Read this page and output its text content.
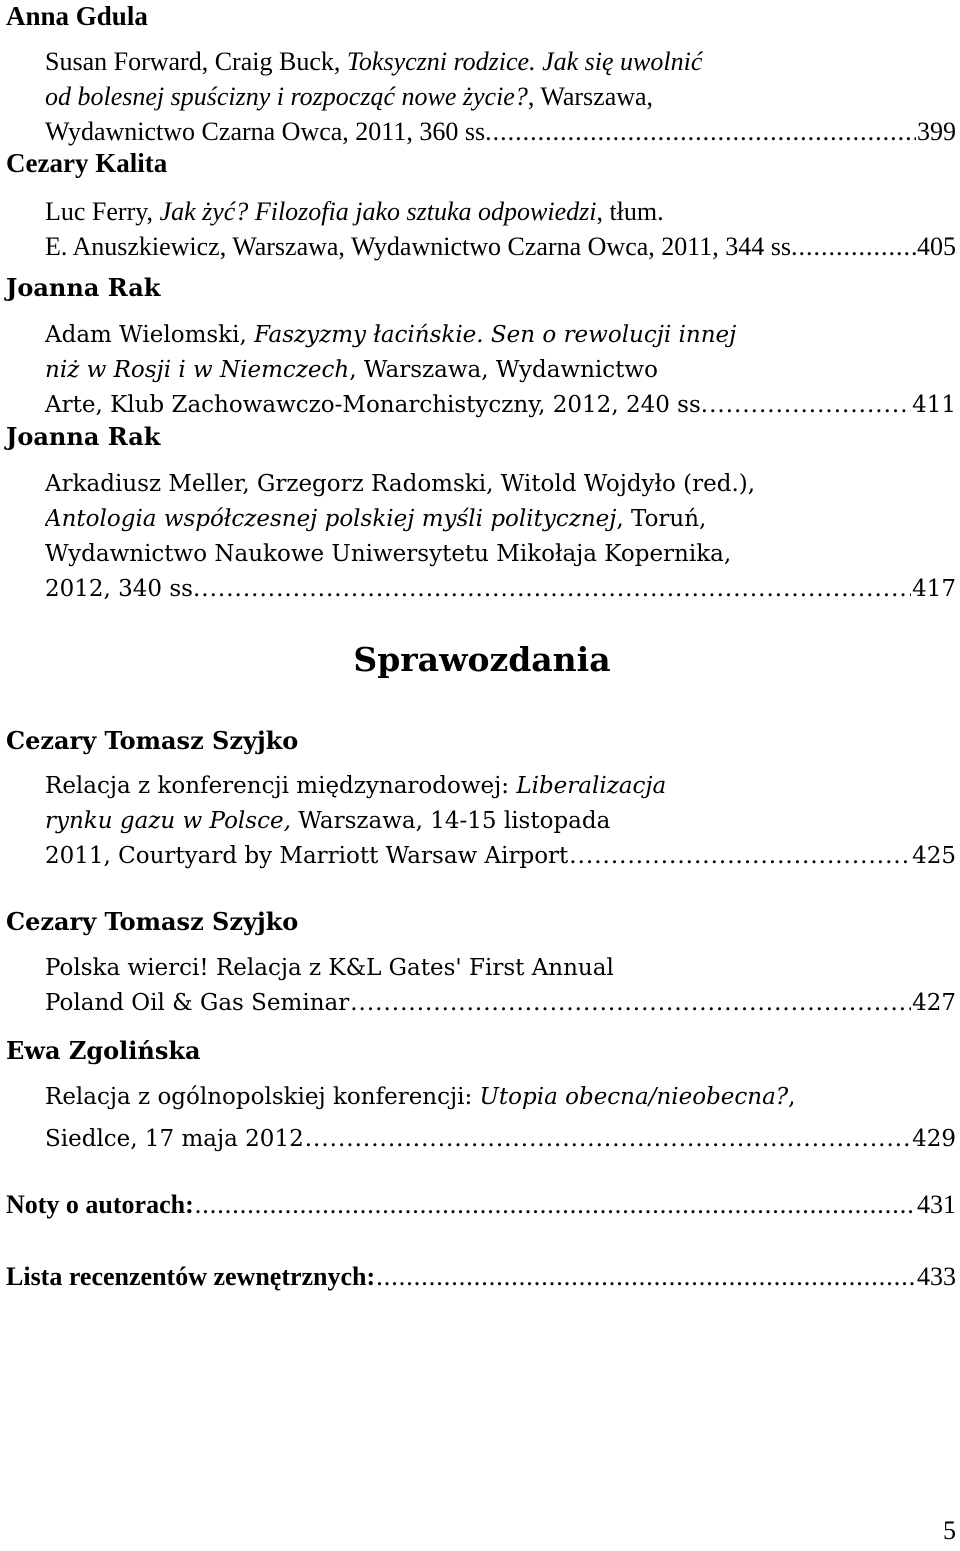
Anna Gdula
Susan Forward, Craig Buck, Toksyczni rodzice. Jak się uwolnić
od bolesnej spuścizny i rozpocząć nowe życie?, Warszawa,
Wydawnictwo Czarna Owca, 2011, 360 ss. .....	399
Cezary Kalita
Luc Ferry, Jak żyć? Filozofia jako sztuka odpowiedzi, tłum.
E. Anuszkiewicz, Warszawa, Wydawnictwo Czarna Owca, 2011, 344 ss. .....	405
Joanna Rak
Adam Wielomski, Faszyzmy łacińskie. Sen o rewolucji innej
niż w Rosji i w Niemczech, Warszawa, Wydawnictwo
Arte, Klub Zachowawczo-Monarchistyczny, 2012, 240 ss. .....	411
Joanna Rak
Arkadiusz Meller, Grzegorz Radomski, Witold Wojdyło (red.),
Antologia współczesnej polskiej myśli politycznej, Toruń,
Wydawnictwo Naukowe Uniwersytetu Mikołaja Kopernika,
2012, 340 ss. .....	417
Sprawozdania
Cezary Tomasz Szyjko
Relacja z konferencji międzynarodowej: Liberalizacja
rynku gazu w Polsce, Warszawa, 14-15 listopada
2011, Courtyard by Marriott Warsaw Airport .....	425
Cezary Tomasz Szyjko
Polska wierci! Relacja z K&L Gates' First Annual
Poland Oil & Gas Seminar .....	427
Ewa Zgolińska
Relacja z ogólnopolskiej konferencji: Utopia obecna/nieobecna?,
Siedlce, 17 maja 2012 .....	429
Noty o autorach: .....	431
Lista recenzentów zewnętrznych: .....	433
5
